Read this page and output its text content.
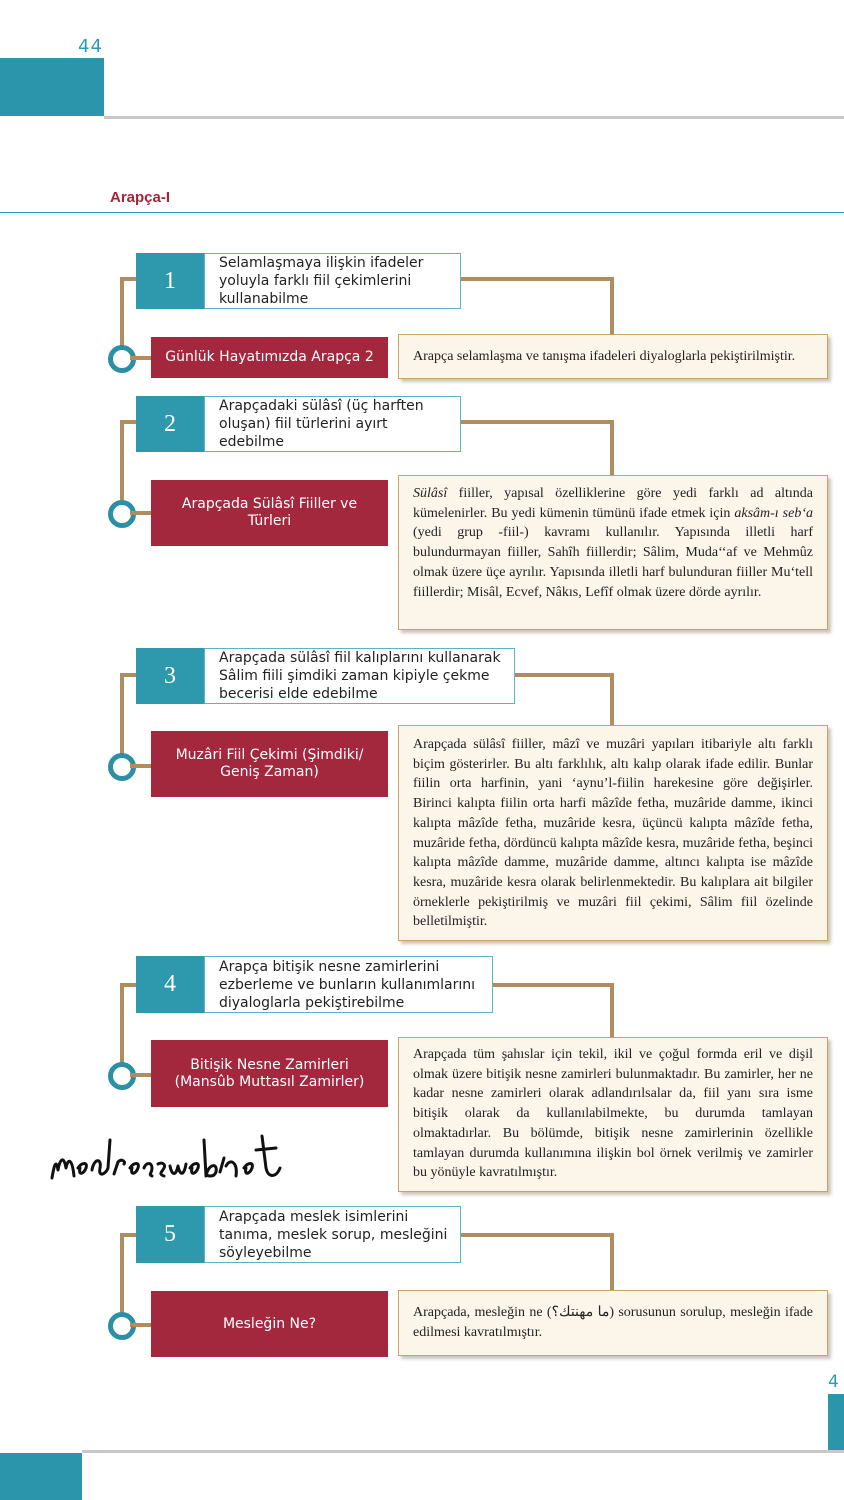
44
Arapça-I
1
Selamlaşmaya ilişkin ifadeler yoluyla farklı fiil çekimlerini kullanabilme
Günlük Hayatımızda Arapça 2	Arapça selamlaşma ve tanışma ifadeleri diyaloglarla pekiştirilmiştir.
2
Arapçadaki sülâsî (üç harften oluşan) fiil türlerini ayırt edebilme
Arapçada Sülâsî Fiiller ve Türleri
Sülâsî fiiller, yapısal özelliklerine göre yedi farklı ad altında kümelenirler. Bu yedi kümenin tümünü ifade etmek için aksâm-ı seb‘a (yedi grup -fiil-) kavramı kullanılır. Yapısında illetli harf bulundurmayan fiiller, Sahîh fiillerdir; Sâlim, Muda‘‘af ve Mehmûz olmak üzere üçe ayrılır. Yapısında illetli harf bulunduran fiiller Mu‘tell fiillerdir; Misâl, Ecvef, Nâkıs, Lefîf olmak üzere dörde ayrılır.
3
Arapçada sülâsî fiil kalıplarını kullanarak Sâlim fiili şimdiki zaman kipiyle çekme becerisi elde edebilme
Muzâri Fiil Çekimi (Şimdiki/ Geniş Zaman)
Arapçada sülâsî fiiller, mâzî ve muzâri yapıları itibariyle altı farklı biçim gösterirler. Bu altı farklılık, altı kalıp olarak ifade edilir. Bunlar fiilin orta harfinin, yani ‘aynu’l-fiilin harekesine göre değişirler. Birinci kalıpta fiilin orta harfi mâzîde fetha, muzâride damme, ikinci kalıpta mâzîde fetha, muzâride kesra, üçüncü kalıpta mâzîde fetha, muzâride fetha, dördüncü kalıpta mâzîde kesra, muzâride fetha, beşinci kalıpta mâzîde damme, muzâride damme, altıncı kalıpta ise mâzîde kesra, muzâride kesra olarak belirlenmektedir. Bu kalıplara ait bilgiler örneklerle pekiştirilmiş ve muzâri fiil çekimi, Sâlim fiil özelinde belletilmiştir.
4
Arapça bitişik nesne zamirlerini ezberleme ve bunların kullanımlarını diyaloglarla pekiştirebilme
Bitişik Nesne Zamirleri (Mansûb Muttasıl Zamirler)
Arapçada tüm şahıslar için tekil, ikil ve çoğul formda eril ve dişil olmak üzere bitişik nesne zamirleri bulunmaktadır. Bu zamirler, her ne kadar nesne zamirleri olarak adlandırılsalar da, fiil yanı sıra isme bitişik olarak da kullanılabilmekte, bu durumda tamlayan olmaktadırlar. Bu bölümde, bitişik nesne zamirlerinin özellikle tamlayan durumda kullanımına ilişkin bol örnek verilmiş ve zamirler bu yönüyle kavratılmıştır.
5
Arapçada meslek isimlerini tanıma, meslek sorup, mesleğini söyleyebilme
Mesleğin Ne?
Arapçada, mesleğin ne (ما مهنتك؟) sorusunun sorulup, mesleğin ifade edilmesi kavratılmıştır.
4
